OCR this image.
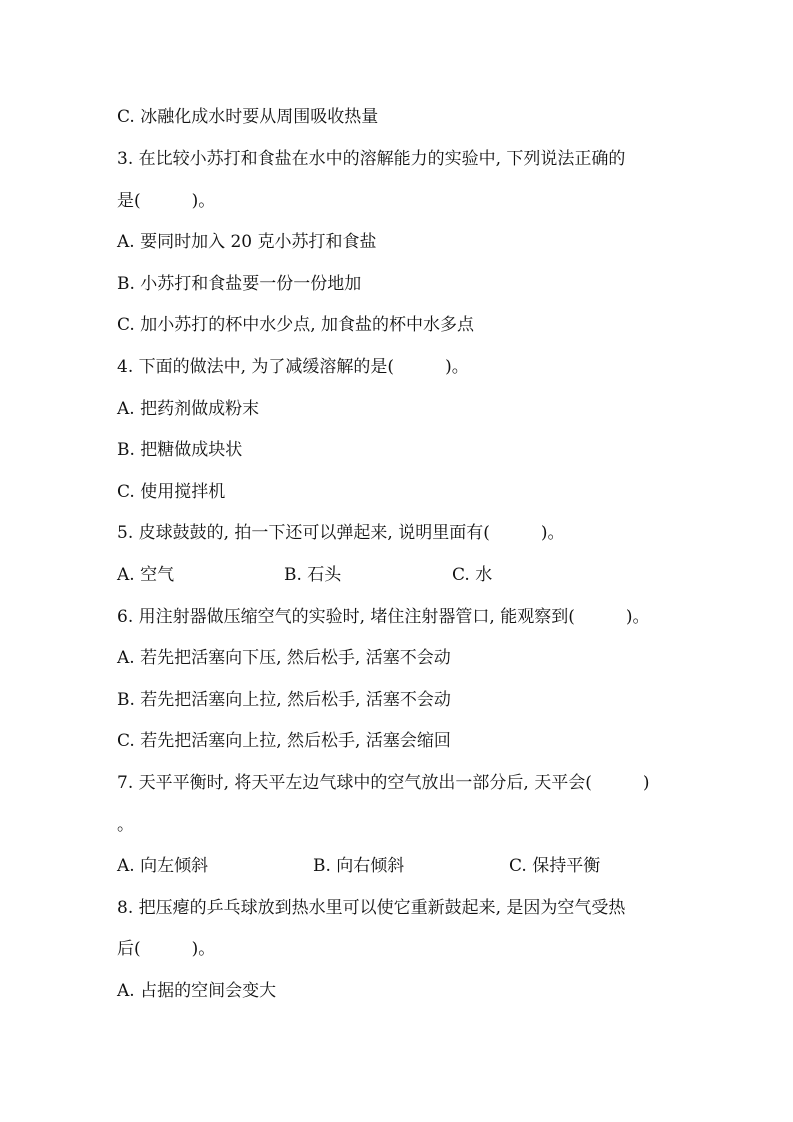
C. 冰融化成水时要从周围吸收热量
3. 在比较小苏打和食盐在水中的溶解能力的实验中, 下列说法正确的
是(　　　)。
A. 要同时加入 20 克小苏打和食盐
B. 小苏打和食盐要一份一份地加
C. 加小苏打的杯中水少点, 加食盐的杯中水多点
4. 下面的做法中, 为了减缓溶解的是(　　　)。
A. 把药剂做成粉末
B. 把糖做成块状
C. 使用搅拌机
5. 皮球鼓鼓的, 拍一下还可以弹起来, 说明里面有(　　　)。
A. 空气	B. 石头	C. 水
6. 用注射器做压缩空气的实验时, 堵住注射器管口, 能观察到(　　　)。
A. 若先把活塞向下压, 然后松手, 活塞不会动
B. 若先把活塞向上拉, 然后松手, 活塞不会动
C. 若先把活塞向上拉, 然后松手, 活塞会缩回
7. 天平平衡时, 将天平左边气球中的空气放出一部分后, 天平会(　　　)
。
A. 向左倾斜	B. 向右倾斜	C. 保持平衡
8. 把压瘪的乒乓球放到热水里可以使它重新鼓起来, 是因为空气受热
后(　　　)。
A. 占据的空间会变大
